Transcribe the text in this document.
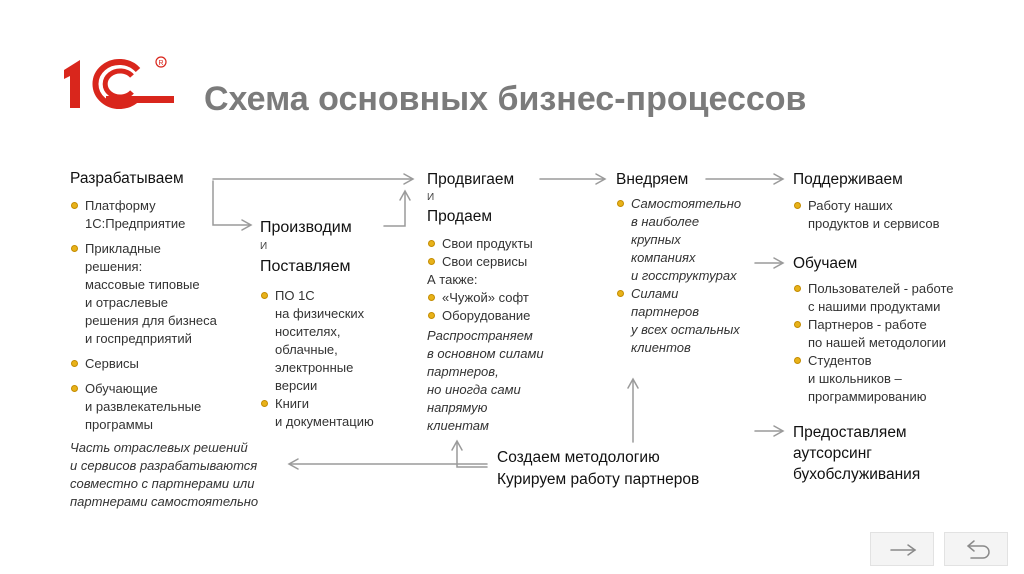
R
Схема основных бизнес-процессов
Разрабатываем
Платформу
1С:Предприятие
Прикладные
решения:
массовые типовые
и отраслевые
решения для бизнеса
и госпредприятий
Сервисы
Обучающие
и развлекательные
программы
Часть отраслевых решений
и сервисов разрабатываются
совместно с партнерами или
партнерами самостоятельно
Производим
И
Поставляем
ПО 1С
на физических
носителях,
облачные,
электронные
версии
Книги
и документацию
Продвигаем
И
Продаем
Свои продукты
Свои сервисы
А также:
«Чужой» софт
Оборудование
Распространяем
в основном силами
партнеров,
но иногда сами
напрямую
клиентам
Внедряем
Самостоятельно
в наиболее
крупных
компаниях
и госструктурах
Силами
партнеров
у всех остальных
клиентов
Поддерживаем
Работу наших
продуктов и сервисов
Обучаем
Пользователей - работе
с нашими продуктами
Партнеров - работе
по нашей методологии
Студентов
и школьников –
программированию
Предоставляем
аутсорсинг
бухобслуживания
Создаем методологию
Курируем работу партнеров
